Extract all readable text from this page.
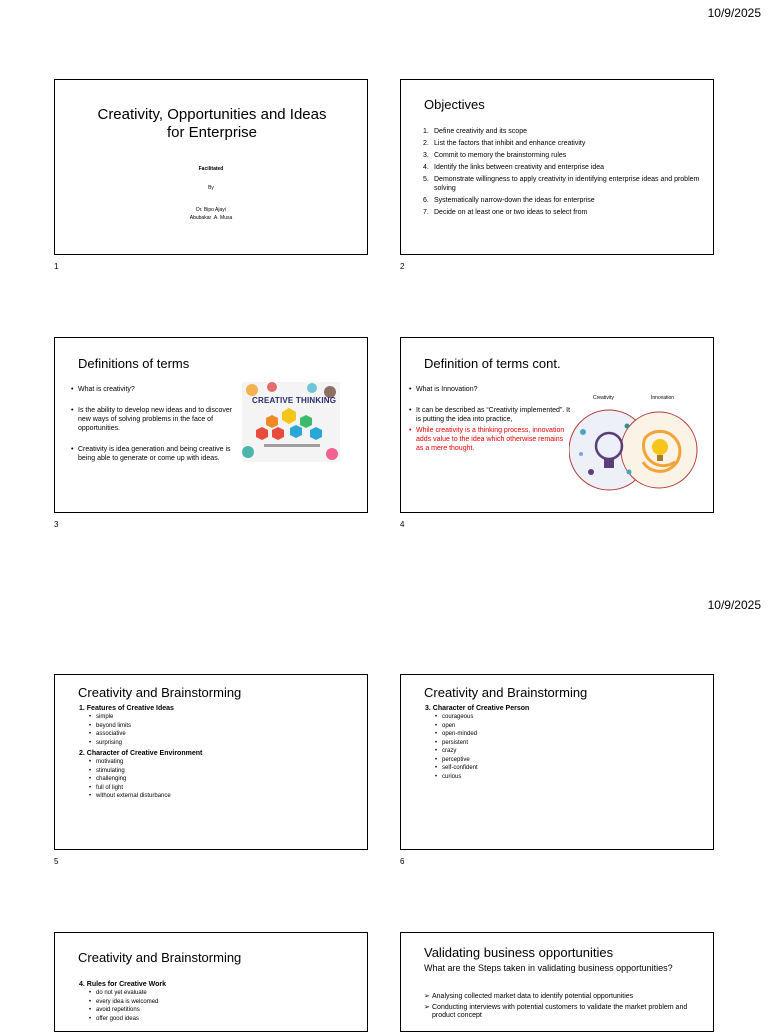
10/9/2025
10/9/2025
Creativity, Opportunities and Ideas for Enterprise
Facilitated
By
Dr. Bipo Ajayi
Abubakar .A. Musa
1
Objectives
1. Define creativity and its scope
2. List the factors that inhibit and enhance creativity
3. Commit to memory the brainstorming rules
4. Identify the links between creativity and enterprise idea
5. Demonstrate willingness to apply creativity in identifying enterprise ideas and problem solving
6. Systematically narrow-down the ideas for enterprise
7. Decide on at least one or two ideas to select from
2
Definitions of terms
• What is creativity?
• Is the ability to develop new ideas and to discover new ways of solving problems in the face of opportunities.
• Creativity is idea generation and being creative is being able to generate or come up with ideas.
CREATIVE THINKING
3
Definition of terms cont.
• What is Innovation?
• It can be described as “Creativity implemented”. It is putting the idea into practice,
• While creativity is a thinking process, innovation adds value to the idea which otherwise remains as a mere thought.
Creativity	Innovation
4
Creativity and Brainstorming
1. Features of Creative Ideas
• simple
• beyond limits
• associative
• surprising
2. Character of Creative Environment
• motivating
• stimulating
• challenging
• full of light
• without external disturbance
5
Creativity and Brainstorming
3. Character of Creative Person
• courageous
• open
• open-minded
• persistent
• crazy
• perceptive
• self-confident
• curious
6
Creativity and Brainstorming
4. Rules for Creative Work
• do not yet evaluate
• every idea is welcomed
• avoid repetitions
• offer good ideas
Validating business opportunities
What are the Steps taken in validating business opportunities?
➢ Analysing collected market data to identify potential opportunities
➢ Conducting interviews with potential customers to validate the market problem and product concept
